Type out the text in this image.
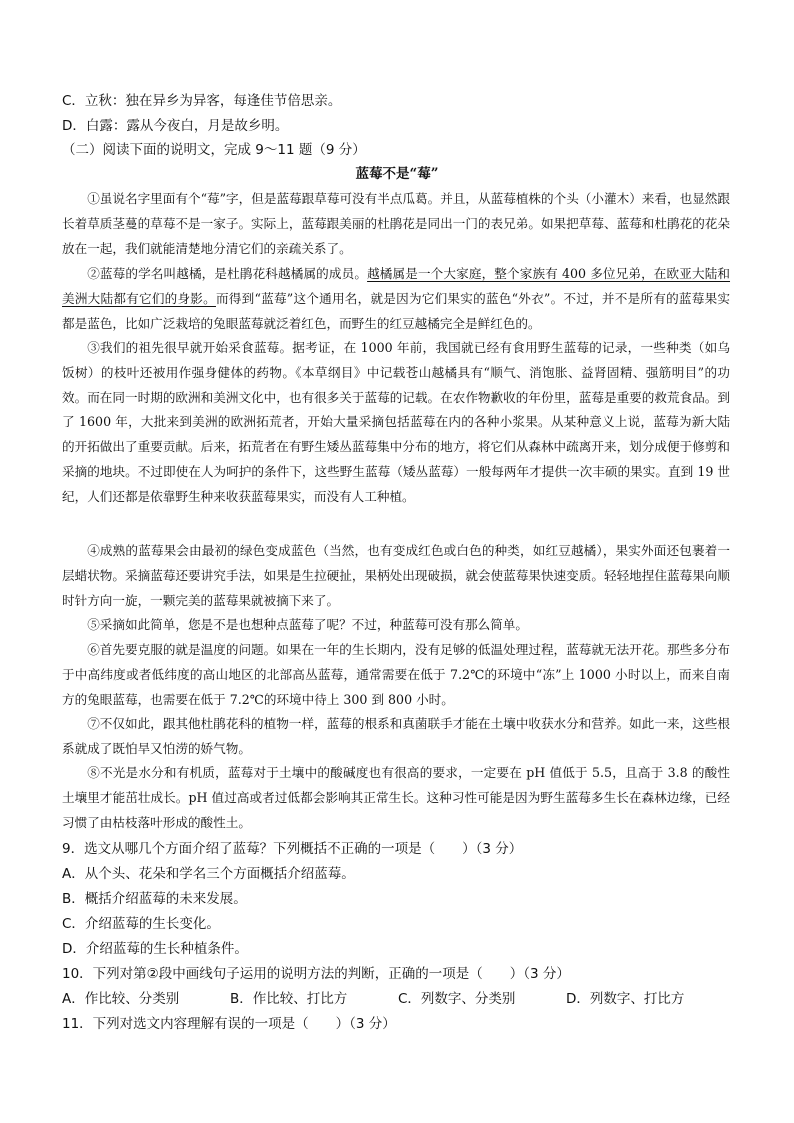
C．立秋：独在异乡为异客，每逢佳节倍思亲。
D．白露：露从今夜白，月是故乡明。
（二）阅读下面的说明文，完成 9～11 题（9 分）
蓝莓不是“莓”
①虽说名字里面有个“莓”字，但是蓝莓跟草莓可没有半点瓜葛。并且，从蓝莓植株的个头（小灌木）来看，也显然跟长着草质茎蔓的草莓不是一家子。实际上，蓝莓跟美丽的杜鹃花是同出一门的表兄弟。如果把草莓、蓝莓和杜鹃花的花朵放在一起，我们就能清楚地分清它们的亲疏关系了。
②蓝莓的学名叫越橘，是杜鹃花科越橘属的成员。越橘属是一个大家庭，整个家族有 400 多位兄弟，在欧亚大陆和美洲大陆都有它们的身影。而得到“蓝莓”这个通用名，就是因为它们果实的蓝色“外衣”。不过，并不是所有的蓝莓果实都是蓝色，比如广泛栽培的兔眼蓝莓就泛着红色，而野生的红豆越橘完全是鲜红色的。
③我们的祖先很早就开始采食蓝莓。据考证，在 1000 年前，我国就已经有食用野生蓝莓的记录，一些种类（如乌饭树）的枝叶还被用作强身健体的药物。《本草纲目》中记载苍山越橘具有“顺气、消饱胀、益肾固精、强筋明目”的功效。而在同一时期的欧洲和美洲文化中，也有很多关于蓝莓的记载。在农作物歉收的年份里，蓝莓是重要的救荒食品。到了 1600 年，大批来到美洲的欧洲拓荒者，开始大量采摘包括蓝莓在内的各种小浆果。从某种意义上说，蓝莓为新大陆的开拓做出了重要贡献。后来，拓荒者在有野生矮丛蓝莓集中分布的地方，将它们从森林中疏离开来，划分成便于修剪和采摘的地块。不过即使在人为呵护的条件下，这些野生蓝莓（矮丛蓝莓）一般每两年才提供一次丰硕的果实。直到 19 世纪，人们还都是依靠野生种来收获蓝莓果实，而没有人工种植。
④成熟的蓝莓果会由最初的绿色变成蓝色（当然，也有变成红色或白色的种类，如红豆越橘），果实外面还包裹着一层蜡状物。采摘蓝莓还要讲究手法，如果是生拉硬扯，果柄处出现破损，就会使蓝莓果快速变质。轻轻地捏住蓝莓果向顺时针方向一旋，一颗完美的蓝莓果就被摘下来了。
⑤采摘如此简单，您是不是也想种点蓝莓了呢？不过，种蓝莓可没有那么简单。
⑥首先要克服的就是温度的问题。如果在一年的生长期内，没有足够的低温处理过程，蓝莓就无法开花。那些多分布于中高纬度或者低纬度的高山地区的北部高丛蓝莓，通常需要在低于 7.2℃的环境中“冻”上 1000 小时以上，而来自南方的兔眼蓝莓，也需要在低于 7.2℃的环境中待上 300 到 800 小时。
⑦不仅如此，跟其他杜鹃花科的植物一样，蓝莓的根系和真菌联手才能在土壤中收获水分和营养。如此一来，这些根系就成了既怕旱又怕涝的娇气物。
⑧不光是水分和有机质，蓝莓对于土壤中的酸碱度也有很高的要求，一定要在 pH 值低于 5.5，且高于 3.8 的酸性土壤里才能茁壮成长。pH 值过高或者过低都会影响其正常生长。这种习性可能是因为野生蓝莓多生长在森林边缘，已经习惯了由枯枝落叶形成的酸性土。
9．选文从哪几个方面介绍了蓝莓？下列概括不正确的一项是（　　）（3 分）
A．从个头、花朵和学名三个方面概括介绍蓝莓。
B．概括介绍蓝莓的未来发展。
C．介绍蓝莓的生长变化。
D．介绍蓝莓的生长种植条件。
10．下列对第②段中画线句子运用的说明方法的判断，正确的一项是（　　）（3 分）
A．作比较、分类别	B．作比较、打比方	C．列数字、分类别	D．列数字、打比方
11．下列对选文内容理解有误的一项是（　　）（3 分）
